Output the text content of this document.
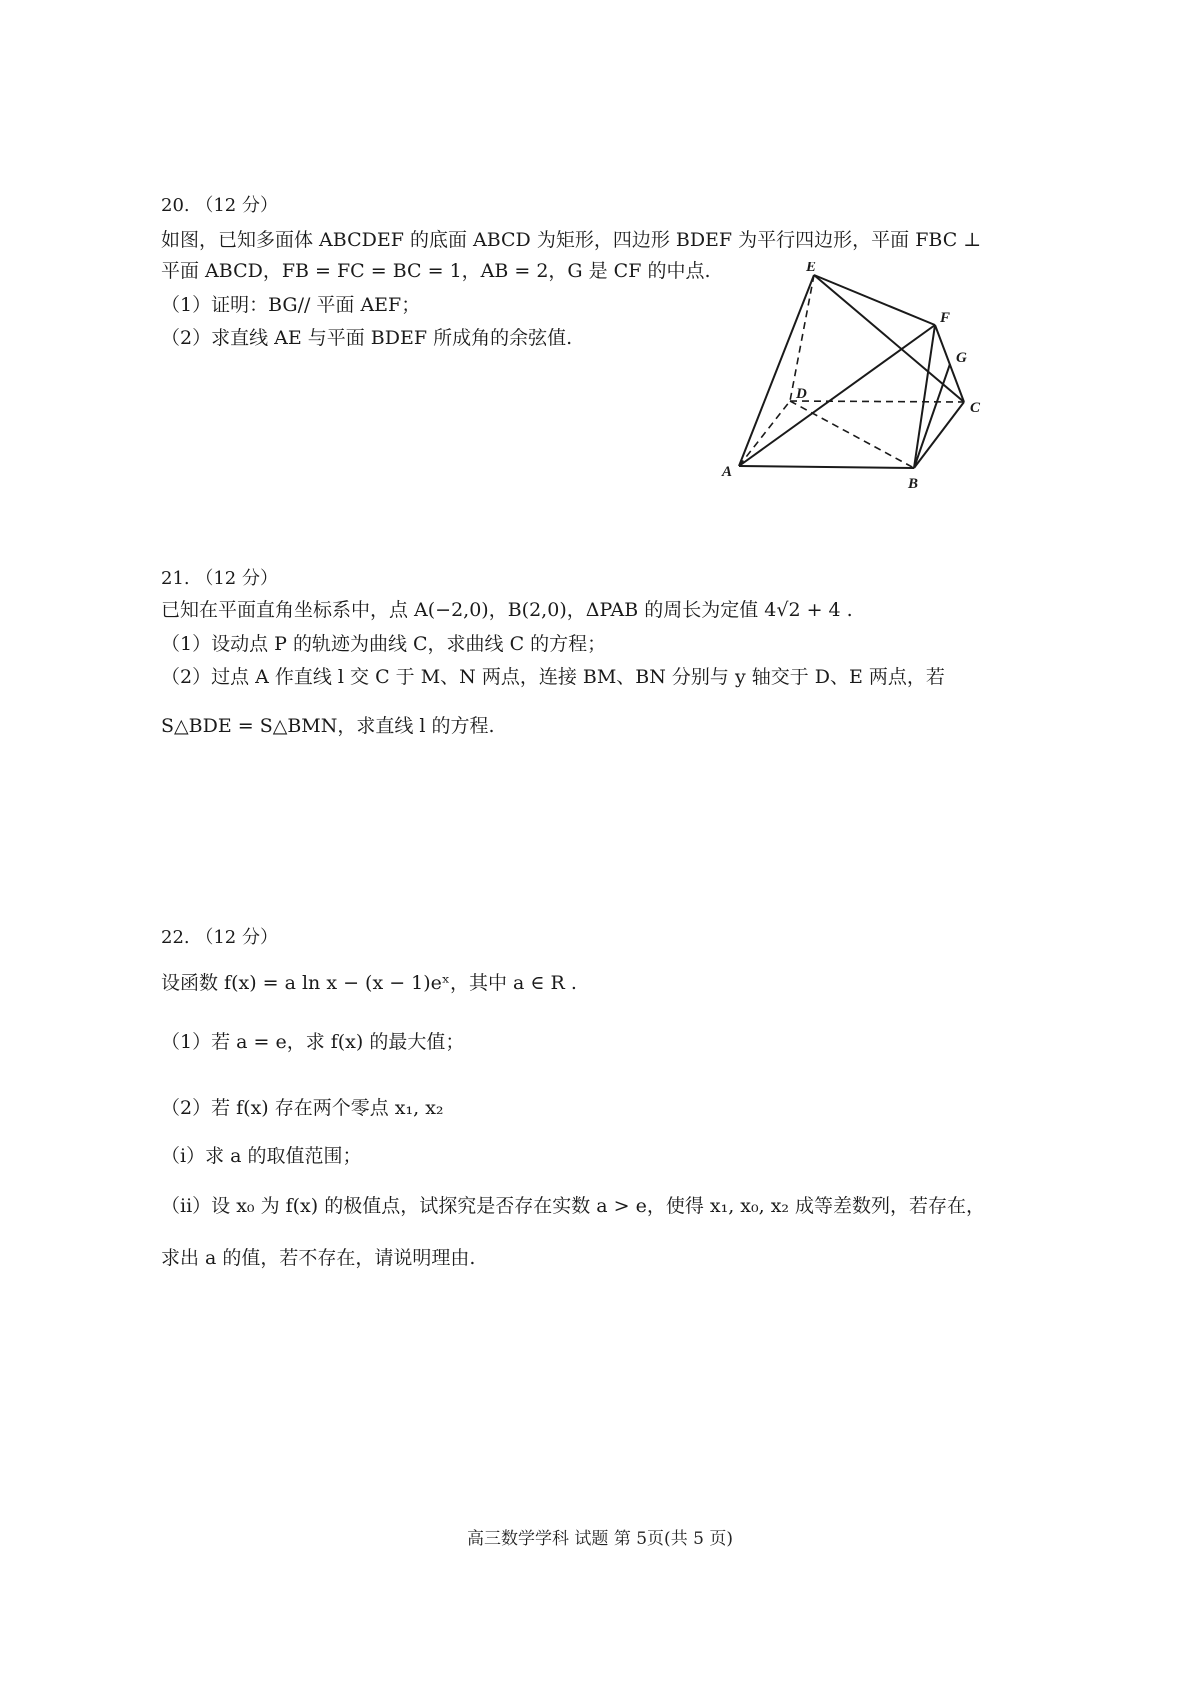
20. （12 分）
如图，已知多面体 ABCDEF 的底面 ABCD 为矩形，四边形 BDEF 为平行四边形，平面 FBC ⊥
平面 ABCD，FB = FC = BC = 1，AB = 2，G 是 CF 的中点.
（1）证明：BG// 平面 AEF；
（2）求直线 AE 与平面 BDEF 所成角的余弦值.
E
F
G
D
C
A
B
21. （12 分）
已知在平面直角坐标系中，点 A(−2,0)，B(2,0)，ΔPAB 的周长为定值 4√2 + 4 .
（1）设动点 P 的轨迹为曲线 C，求曲线 C 的方程；
（2）过点 A 作直线 l 交 C 于 M、N 两点，连接 BM、BN 分别与 y 轴交于 D、E 两点，若
S△BDE = S△BMN，求直线 l 的方程.
22. （12 分）
设函数 f(x) = a ln x − (x − 1)eˣ，其中 a ∈ R .
（1）若 a = e，求 f(x) 的最大值；
（2）若 f(x) 存在两个零点 x₁, x₂
（i）求 a 的取值范围；
（ii）设 x₀ 为 f(x) 的极值点，试探究是否存在实数 a > e，使得 x₁, x₀, x₂ 成等差数列，若存在，
求出 a 的值，若不存在，请说明理由.
高三数学学科 试题 第 5页(共 5 页)
